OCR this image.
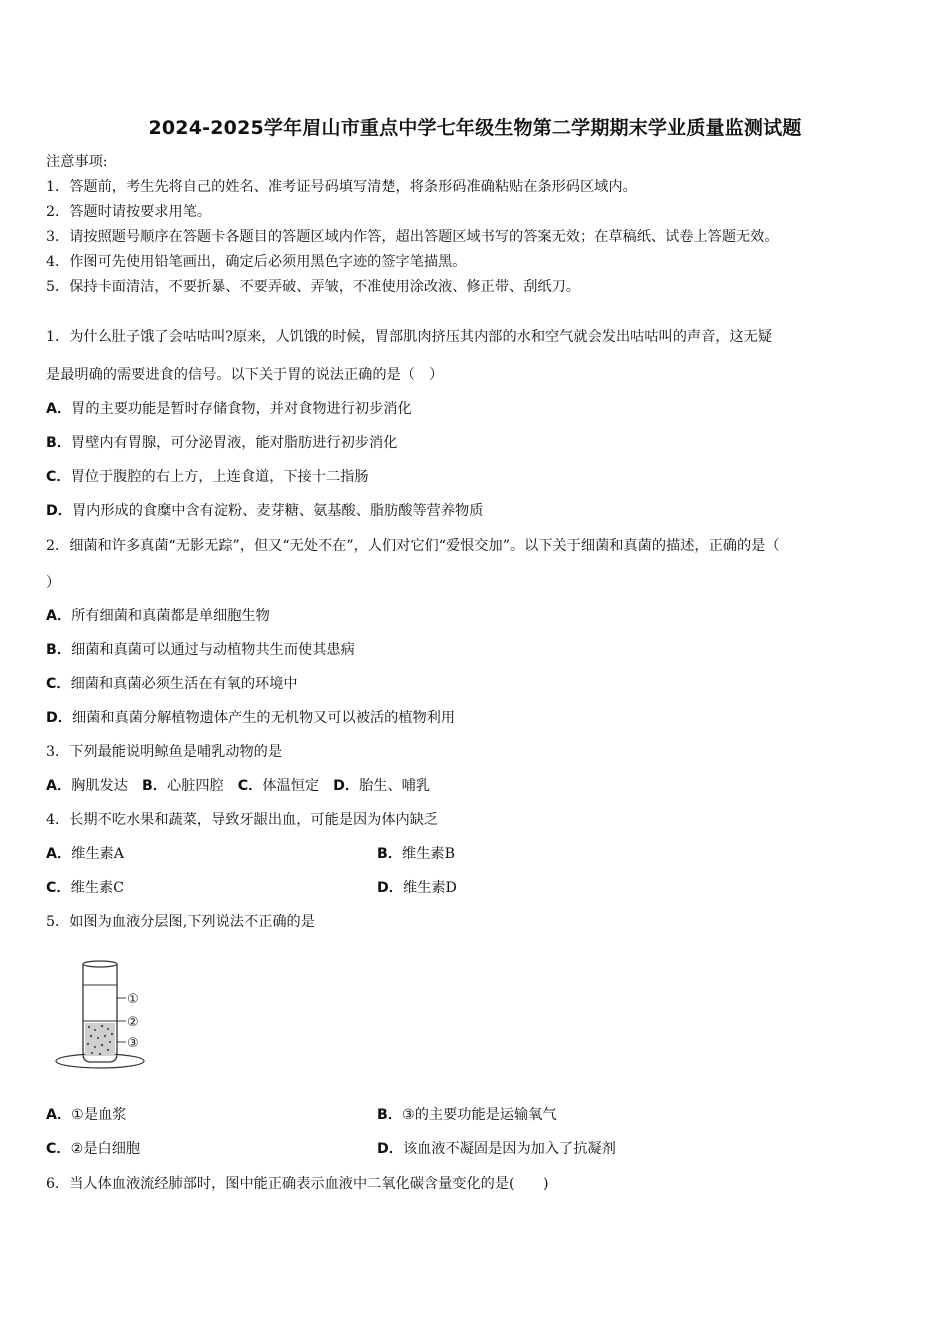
2024-2025学年眉山市重点中学七年级生物第二学期期末学业质量监测试题
注意事项:
1．答题前，考生先将自己的姓名、准考证号码填写清楚，将条形码准确粘贴在条形码区域内。
2．答题时请按要求用笔。
3．请按照题号顺序在答题卡各题目的答题区域内作答，超出答题区域书写的答案无效；在草稿纸、试卷上答题无效。
4．作图可先使用铅笔画出，确定后必须用黑色字迹的签字笔描黑。
5．保持卡面清洁，不要折暴、不要弄破、弄皱，不准使用涂改液、修正带、刮纸刀。
1．为什么肚子饿了会咕咕叫?原来，人饥饿的时候，胃部肌肉挤压其内部的水和空气就会发出咕咕叫的声音，这无疑
是最明确的需要进食的信号。以下关于胃的说法正确的是（　）
A．胃的主要功能是暂时存储食物，并对食物进行初步消化
B．胃壁内有胃腺，可分泌胃液，能对脂肪进行初步消化
C．胃位于腹腔的右上方，上连食道，下接十二指肠
D．胃内形成的食糜中含有淀粉、麦芽糖、氨基酸、脂肪酸等营养物质
2．细菌和许多真菌“无影无踪”，但又“无处不在”，人们对它们“爱恨交加”。以下关于细菌和真菌的描述，正确的是（
）
A．所有细菌和真菌都是单细胞生物
B．细菌和真菌可以通过与动植物共生而使其患病
C．细菌和真菌必须生活在有氧的环境中
D．细菌和真菌分解植物遗体产生的无机物又可以被活的植物利用
3．下列最能说明鲸鱼是哺乳动物的是
A．胸肌发达 B．心脏四腔 C．体温恒定 D．胎生、哺乳
4．长期不吃水果和蔬菜，导致牙龈出血，可能是因为体内缺乏
A．维生素A	B．维生素B
C．维生素C	D．维生素D
5．如图为血液分层图,下列说法不正确的是
①
②
③
A．①是血浆	B．③的主要功能是运输氧气
C．②是白细胞	D．该血液不凝固是因为加入了抗凝剂
6．当人体血液流经肺部时，图中能正确表示血液中二氧化碳含量变化的是(　　)
